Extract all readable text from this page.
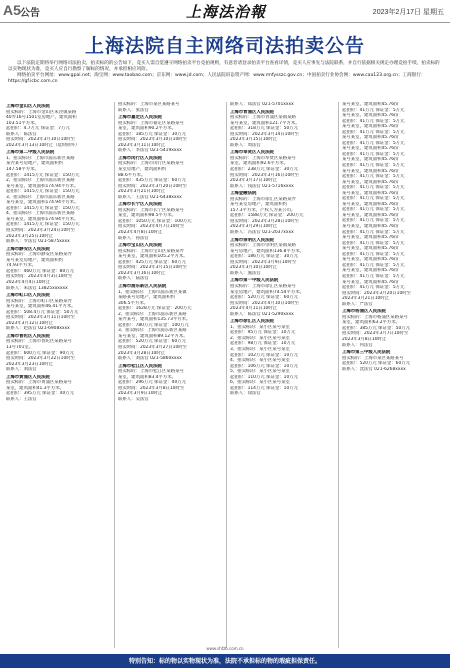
A5 公告	上海法治報	2023年2月17日 星期五
上海法院自主网络司法拍卖公告

以下法院定期将举行网络司法拍卖，拍卖标的的公告如下，竞买人需自觉遵守网络拍卖平台竞拍规则，有意者请登录拍卖平台查看详情，竞买人应事先与法院联系，并自行依据相关规定办理竞拍手续，拍卖标的以实物现状为准，竞买人应自行勘察了解标的情况，并承担相应风险。

网络拍卖平台网址：www.gpai.net；淘宝网：www.taobao.com；京东网：www.jd.com；人民法院诉讼资产网：www.rmfysszc.gov.cn；中国拍卖行业协会网：www.caa123.org.cn；工商银行：https://gf.icbc.com.cn

上海市金山区人民法院
拍卖标的：上海市金山区朱泾镇某路
40弄16号1501室房地产，建筑面积
103.51平方米。
起拍价：4.7万元 保证金：7万元
联系人：陈法官
拍卖时间：2023年3月10日10时至
2023年3月13日10时止（延时除外）
上海市第二中级人民法院
1、拍卖标的：上海市浦东新区某路
某弄某号房地产，建筑面积约
147.58平方米。
起拍价：1415万元 保证金：150万元
2、拍卖标的：上海市浦东新区某路
某号某室，建筑面积174.94平方米。
起拍价：1415万元 保证金：150万元
3、拍卖标的：上海市浦东新区某路
某号某室，建筑面积174.94平方米。
起拍价：1415万元 保证金：150万元
4、拍卖标的：上海市浦东新区某路
某号某室，建筑面积174.94平方米。
起拍价：1415万元 保证金：150万元
拍卖时间：2023年3月24日10时至
2023年3月25日10时止
联系人：罗法官 021-5875xxxx
上海市静安区人民法院
拍卖标的：上海市静安区某路某弄
某号某室房地产，建筑面积约
74.93平方米。
起拍价：460万元 保证金：80万元
拍卖时间：2023年4月3日10时至
2023年4月4日10时止
联系人：朱法官 13825xxxxxx
上海市虹口区人民法院
拍卖标的：上海市虹口区某路某弄
某号某室，建筑面积46.41平方米。
起拍价：508.4万元 保证金：50万元
拍卖时间：2023年3月11日10时至
2023年3月12日10时止
联系人：赵法官 021-6908xxxx
上海市普陀区人民法院
拍卖标的：上海市普陀区某路某号
13号701室。
起拍价：600万元 保证金：90万元
拍卖时间：2023年3月22日10时至
2023年3月23日10时止
联系人：刘法官
上海市黄浦区人民法院
拍卖标的：上海市黄浦区某路某号
某室，建筑面积41.3平方米。
起拍价：395万元 保证金：40万元
联系人：王法官
拍卖标的：上海市某区某路某号
联系人：张法官
上海市嘉定区人民法院
拍卖标的：上海市嘉定区某路某号
某室，建筑面积90.2平方米。
起拍价：185万元 保证金：30万元
拍卖时间：2023年3月10日10时至
2023年3月11日10时止
联系人：李法官 021-5419xxxx
上海市闵行区人民法院
拍卖标的：上海市闵行区某路某号
某室房地产，建筑面积约
88.6平方米。
起拍价：435万元 保证金：60万元
拍卖时间：2023年3月20日10时至
2023年3月21日10时止
联系人：王法官 021-6438xxxx
上海市长宁区人民法院
拍卖标的：上海市长宁区某路某号
某室，建筑面积98.5平方米。
起拍价：1050万元 保证金：100万元
拍卖时间：2023年4月7日10时至
2023年4月8日10时止
联系人：孙法官
上海市宝山区人民法院
拍卖标的：上海市宝山区某路某弄
某号某室，建筑面积105.2平方米。
起拍价：425万元 保证金：60万元
拍卖时间：2023年3月15日10时至
2023年3月16日10时止
联系人：陆法官
上海市浦东新区人民法院
1、拍卖标的：上海市浦东新区某镇
某路某号房地产，建筑面积约
306.5平方米。
起拍价：1628万元 保证金：200万元
2、拍卖标的：上海市浦东新区某路
某弄某号，建筑面积135.73平方米。
起拍价：780万元 保证金：100万元
3、拍卖标的：上海市浦东新区某路
某号某室，建筑面积89.12平方米。
起拍价：520万元 保证金：60万元
拍卖时间：2023年3月27日10时至
2023年3月28日10时止
联系人：刘法官 021-5860xxxx
上海市松江区人民法院
拍卖标的：上海市松江区某路某号
某室，建筑面积83.4平方米。
起拍价：296万元 保证金：40万元
拍卖时间：2023年3月8日10时至
2023年3月9日10时止
联系人：吴法官
联系人：郑法官 021-5701xxxx
上海市青浦区人民法院
拍卖标的：上海市青浦区某镇某路
某号某室，建筑面积121.7平方米。
起拍价：318万元 保证金：50万元
拍卖时间：2023年3月14日10时至
2023年3月15日10时止
联系人：周法官
上海市奉贤区人民法院
拍卖标的：上海市奉贤区某路某号
某室，建筑面积92.6平方米。
起拍价：238万元 保证金：30万元
拍卖时间：2023年3月16日10时至
2023年3月17日10时止
联系人：钱法官 021-5716xxxx
上海金融法院
拍卖标的：上海市徐汇区某路某弄
某号某室房地产，建筑面积约
157.3平方米，产权人为某公司。
起拍价：1588万元 保证金：200万元
拍卖时间：2023年3月28日10时至
2023年3月29日10时止
联系人：冯法官 021-2037xxxx
上海市崇明区人民法院
拍卖标的：上海市崇明区某镇某路
某号房地产，建筑面积136.8平方米。
起拍价：186万元 保证金：30万元
拍卖时间：2023年3月9日10时至
2023年3月10日10时止
联系人：施法官
上海市第一中级人民法院
拍卖标的：上海市徐汇区某路某号
某室房地产，建筑面积74.54平方米。
起拍价：520万元 保证金：60万元
拍卖时间：2023年4月10日10时至
2023年4月11日10时止
联系人：陈法官 021-5290xxxx
上海市徐汇区人民法院
1、拍卖标的：某小区某号某室
起拍价：95万元 保证金：10万元
2、拍卖标的：某小区某号某室
起拍价：98万元 保证金：10万元
3、拍卖标的：某小区某号某室
起拍价：102万元 保证金：10万元
4、拍卖标的：某小区某号某室
起拍价：106万元 保证金：10万元
5、拍卖标的：某小区某号某室
起拍价：110万元 保证金：10万元
6、拍卖标的：某小区某号某室
起拍价：114万元 保证金：10万元
联系人：徐法官
某号某室，建筑面积45.76㎡
起拍价：41万元 保证金：5万元
某号某室，建筑面积45.76㎡
起拍价：41万元 保证金：5万元
某号某室，建筑面积45.76㎡
起拍价：41万元 保证金：5万元
某号某室，建筑面积45.76㎡
起拍价：41万元 保证金：5万元
某号某室，建筑面积45.76㎡
起拍价：41万元 保证金：5万元
某号某室，建筑面积45.76㎡
起拍价：41万元 保证金：5万元
某号某室，建筑面积45.76㎡
起拍价：41万元 保证金：5万元
某号某室，建筑面积45.76㎡
起拍价：41万元 保证金：5万元
某号某室，建筑面积45.76㎡
起拍价：41万元 保证金：5万元
某号某室，建筑面积45.76㎡
起拍价：41万元 保证金：5万元
某号某室，建筑面积45.76㎡
起拍价：41万元 保证金：5万元
某号某室，建筑面积45.76㎡
起拍价：41万元 保证金：5万元
某号某室，建筑面积45.76㎡
起拍价：41万元 保证金：5万元
某号某室，建筑面积45.76㎡
起拍价：41万元 保证金：5万元
某号某室，建筑面积45.76㎡
起拍价：41万元 保证金：5万元
某号某室，建筑面积45.76㎡
起拍价：41万元 保证金：5万元
某号某室，建筑面积45.76㎡
起拍价：41万元 保证金：5万元
拍卖时间：2023年3月20日10时至
2023年3月21日10时止
联系人：严法官
上海市杨浦区人民法院
拍卖标的：上海市杨浦区某路某号
某室，建筑面积63.2平方米。
起拍价：385万元 保证金：50万元
拍卖时间：2023年3月7日10时至
2023年3月8日10时止
联系人：何法官
上海市第三中级人民法院
拍卖标的：上海市某区某路某号
起拍价：520万元 保证金：60万元
联系人：沈法官 021-6268xxxx
www.shfzb.com.cn
特别告知：标的物以实物现状为准，法院不承担标的物的瑕疵担保责任。
